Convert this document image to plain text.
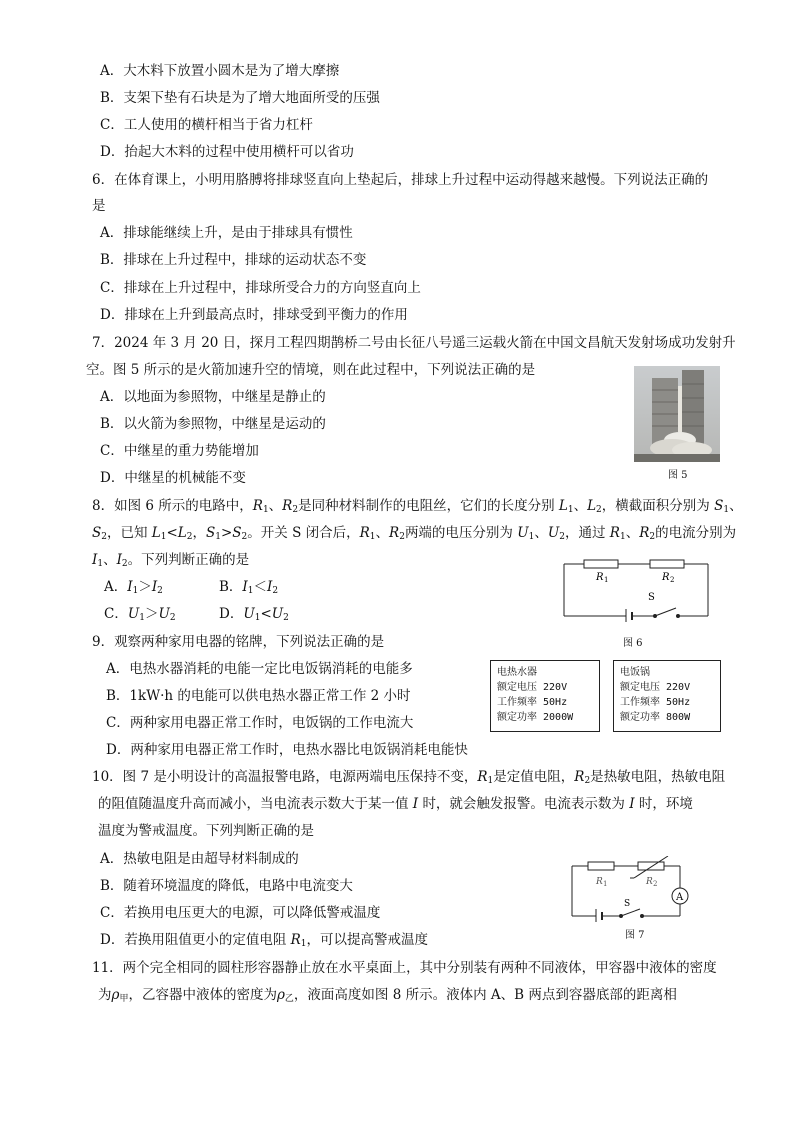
A．大木料下放置小圆木是为了增大摩擦
B．支架下垫有石块是为了增大地面所受的压强
C．工人使用的横杆相当于省力杠杆
D．抬起大木料的过程中使用横杆可以省功
6．在体育课上，小明用胳膊将排球竖直向上垫起后，排球上升过程中运动得越来越慢。下列说法正确的
是
A．排球能继续上升，是由于排球具有惯性
B．排球在上升过程中，排球的运动状态不变
C．排球在上升过程中，排球所受合力的方向竖直向上
D．排球在上升到最高点时，排球受到平衡力的作用
7．2024 年 3 月 20 日，探月工程四期鹊桥二号由长征八号遥三运载火箭在中国文昌航天发射场成功发射升
空。图 5 所示的是火箭加速升空的情境，则在此过程中，下列说法正确的是
A．以地面为参照物，中继星是静止的
B．以火箭为参照物，中继星是运动的
C．中继星的重力势能增加
D．中继星的机械能不变	图 5
8．如图 6 所示的电路中，$R_1$、$R_2$是同种材料制作的电阻丝，它们的长度分别 $L_1$、$L_2$，横截面积分别为 $S_1$、
$S_2$，已知 $L_1<L_2$，$S_1>S_2$。开关 S 闭合后，$R_1$、$R_2$两端的电压分别为 $U_1$、$U_2$，通过 $R_1$、$R_2$的电流分别为
$I_1$、$I_2$。下列判断正确的是
A．$I_1>I_2$	B．$I_1<I_2$
C．$U_1>U_2$	D．$U_1<U_2$
R 1	R 2
S
图 6
9．观察两种家用电器的铭牌，下列说法正确的是
A．电热水器消耗的电能一定比电饭锅消耗的电能多
B．1kW·h 的电能可以供电热水器正常工作 2 小时
C．两种家用电器正常工作时，电饭锅的工作电流大
D．两种家用电器正常工作时，电热水器比电饭锅消耗电能快
电热水器
额定电压 220V
工作频率 50Hz
额定功率 2000W
电饭锅
额定电压 220V
工作频率 50Hz
额定功率 800W
10．图 7 是小明设计的高温报警电路，电源两端电压保持不变，$R_1$是定值电阻，$R_2$是热敏电阻，热敏电阻
的阻值随温度升高而减小，当电流表示数大于某一值 I 时，就会触发报警。电流表示数为 I 时，环境
温度为警戒温度。下列判断正确的是
A．热敏电阻是由超导材料制成的
B．随着环境温度的降低，电路中电流变大
C．若换用电压更大的电源，可以降低警戒温度
D．若换用阻值更小的定值电阻 $R_1$，可以提高警戒温度
A
R 1	R 2
S
图 7
11．两个完全相同的圆柱形容器静止放在水平桌面上，其中分别装有两种不同液体，甲容器中液体的密度
为$\rho_甲$，乙容器中液体的密度为$\rho_乙$，液面高度如图 8 所示。液体内 A、B 两点到容器底部的距离相
